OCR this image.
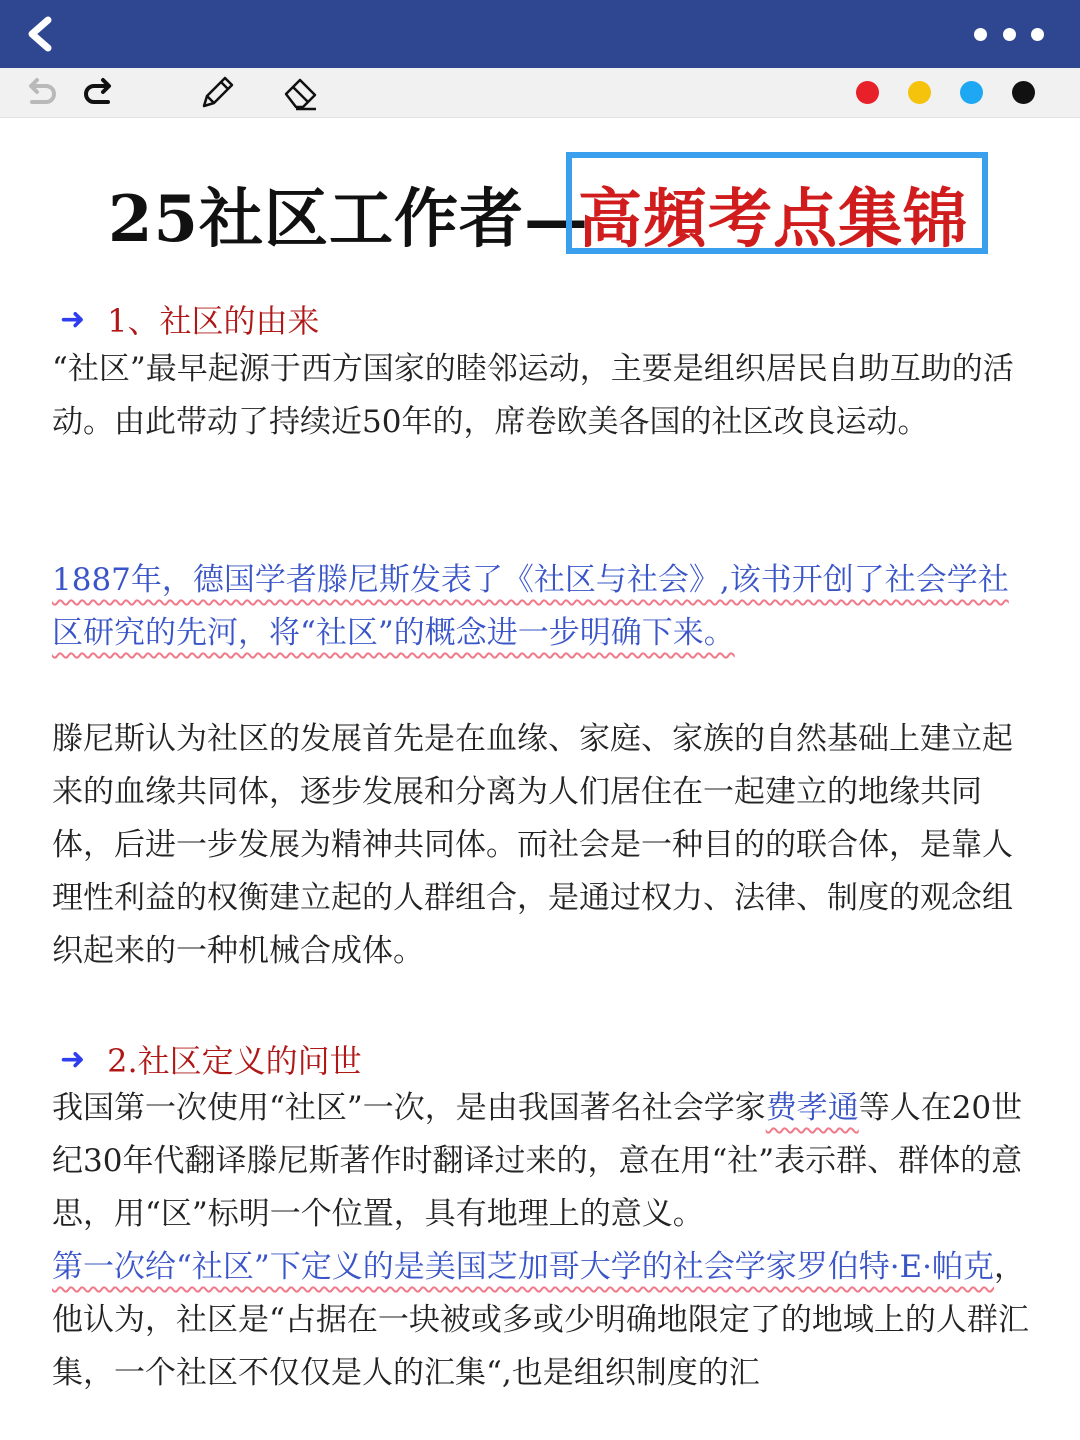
25社区工作者—
高頻考点集锦
➜ 1、社区的由来
“社区”最早起源于西方国家的睦邻运动，主要是组织居民自助互助的活动。由此带动了持续近50年的，席卷欧美各国的社区改良运动。
1887年，德国学者滕尼斯发表了《社区与社会》,该书开创了社会学社区研究的先河，将“社区”的概念进一步明确下来。
滕尼斯认为社区的发展首先是在血缘、家庭、家族的自然基础上建立起来的血缘共同体，逐步发展和分离为人们居住在一起建立的地缘共同体，后进一步发展为精神共同体。而社会是一种目的的联合体，是靠人理性利益的权衡建立起的人群组合，是通过权力、法律、制度的观念组织起来的一种机械合成体。
➜ 2.社区定义的问世
我国第一次使用“社区”一次，是由我国著名社会学家费孝通等人在20世纪30年代翻译滕尼斯著作时翻译过来的，意在用“社”表示群、群体的意思，用“区”标明一个位置，具有地理上的意义。
第一次给“社区”下定义的是美国芝加哥大学的社会学家罗伯特·E·帕克，他认为，社区是“占据在一块被或多或少明确地限定了的地域上的人群汇集，一个社区不仅仅是人的汇集“,也是组织制度的汇
